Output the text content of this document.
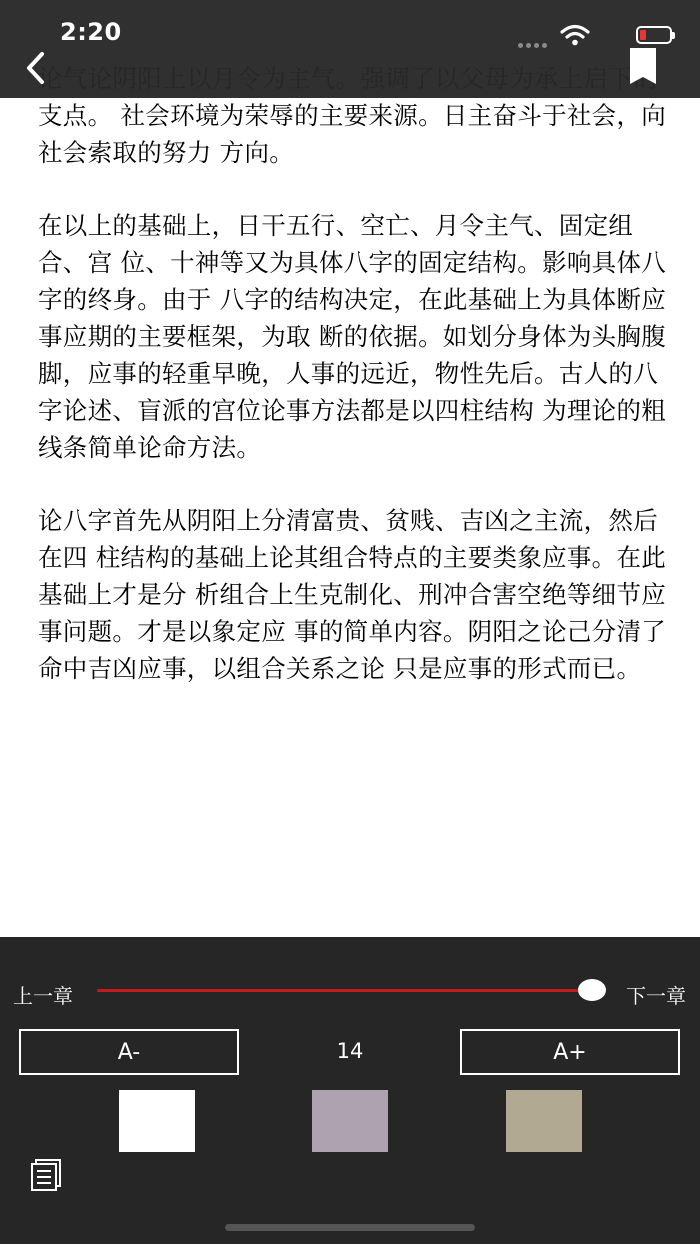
支点。 社会环境为荣辱的主要来源。日主奋斗于社会，向社会索取的努力 方向。

在以上的基础上，日干五行、空亡、月令主气、固定组合、宫 位、十神等又为具体八字的固定结构。影响具体八字的终身。由于 八字的结构决定，在此基础上为具体断应事应期的主要框架，为取 断的依据。如划分身体为头胸腹脚，应事的轻重早晚，人事的远近，物性先后。古人的八字论述、盲派的宫位论事方法都是以四柱结构 为理论的粗线条简单论命方法。

论八字首先从阴阳上分清富贵、贫贱、吉凶之主流，然后在四 柱结构的基础上论其组合特点的主要类象应事。在此基础上才是分 析组合上生克制化、刑冲合害空绝等细节应事问题。才是以象定应 事的简单内容。阴阳之论己分清了命中吉凶应事，以组合关系之论 只是应事的形式而已。

2:20
上一章	下一章
A-	14	A+
